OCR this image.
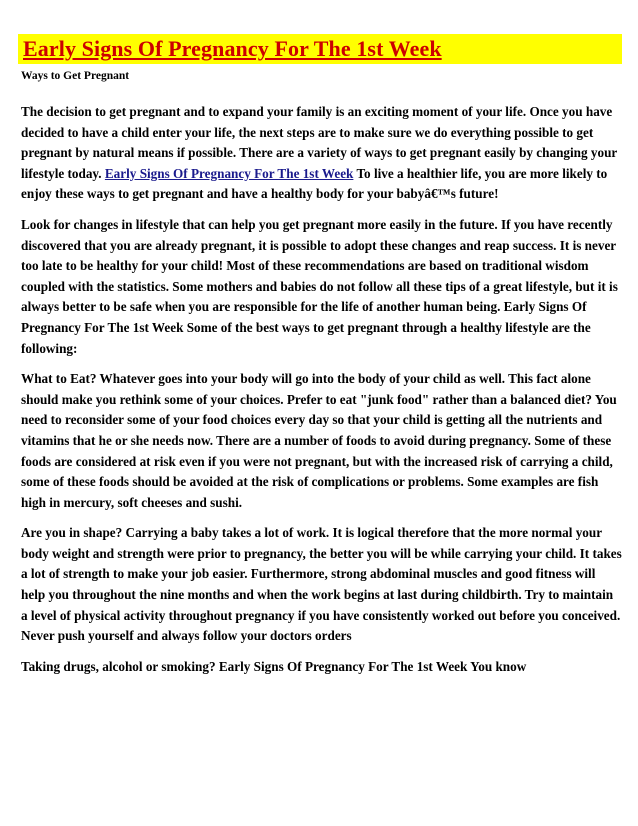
Early Signs Of Pregnancy For The 1st Week
Ways to Get Pregnant

The decision to get pregnant and to expand your family is an exciting moment of your life. Once you have decided to have a child enter your life, the next steps are to make sure we do everything possible to get pregnant by natural means if possible. There are a variety of ways to get pregnant easily by changing your lifestyle today. Early Signs Of Pregnancy For The 1st Week To live a healthier life, you are more likely to enjoy these ways to get pregnant and have a healthy body for your babyâ€™s future!

Look for changes in lifestyle that can help you get pregnant more easily in the future. If you have recently discovered that you are already pregnant, it is possible to adopt these changes and reap success. It is never too late to be healthy for your child! Most of these recommendations are based on traditional wisdom coupled with the statistics. Some mothers and babies do not follow all these tips of a great lifestyle, but it is always better to be safe when you are responsible for the life of another human being. Early Signs Of Pregnancy For The 1st Week Some of the best ways to get pregnant through a healthy lifestyle are the following:

What to Eat? Whatever goes into your body will go into the body of your child as well. This fact alone should make you rethink some of your choices. Prefer to eat "junk food" rather than a balanced diet? You need to reconsider some of your food choices every day so that your child is getting all the nutrients and vitamins that he or she needs now. There are a number of foods to avoid during pregnancy. Some of these foods are considered at risk even if you were not pregnant, but with the increased risk of carrying a child, some of these foods should be avoided at the risk of complications or problems. Some examples are fish high in mercury, soft cheeses and sushi.

Are you in shape? Carrying a baby takes a lot of work. It is logical therefore that the more normal your body weight and strength were prior to pregnancy, the better you will be while carrying your child. It takes a lot of strength to make your job easier. Furthermore, strong abdominal muscles and good fitness will help you throughout the nine months and when the work begins at last during childbirth. Try to maintain a level of physical activity throughout pregnancy if you have consistently worked out before you conceived. Never push yourself and always follow your doctors orders

Taking drugs, alcohol or smoking? Early Signs Of Pregnancy For The 1st Week You know
